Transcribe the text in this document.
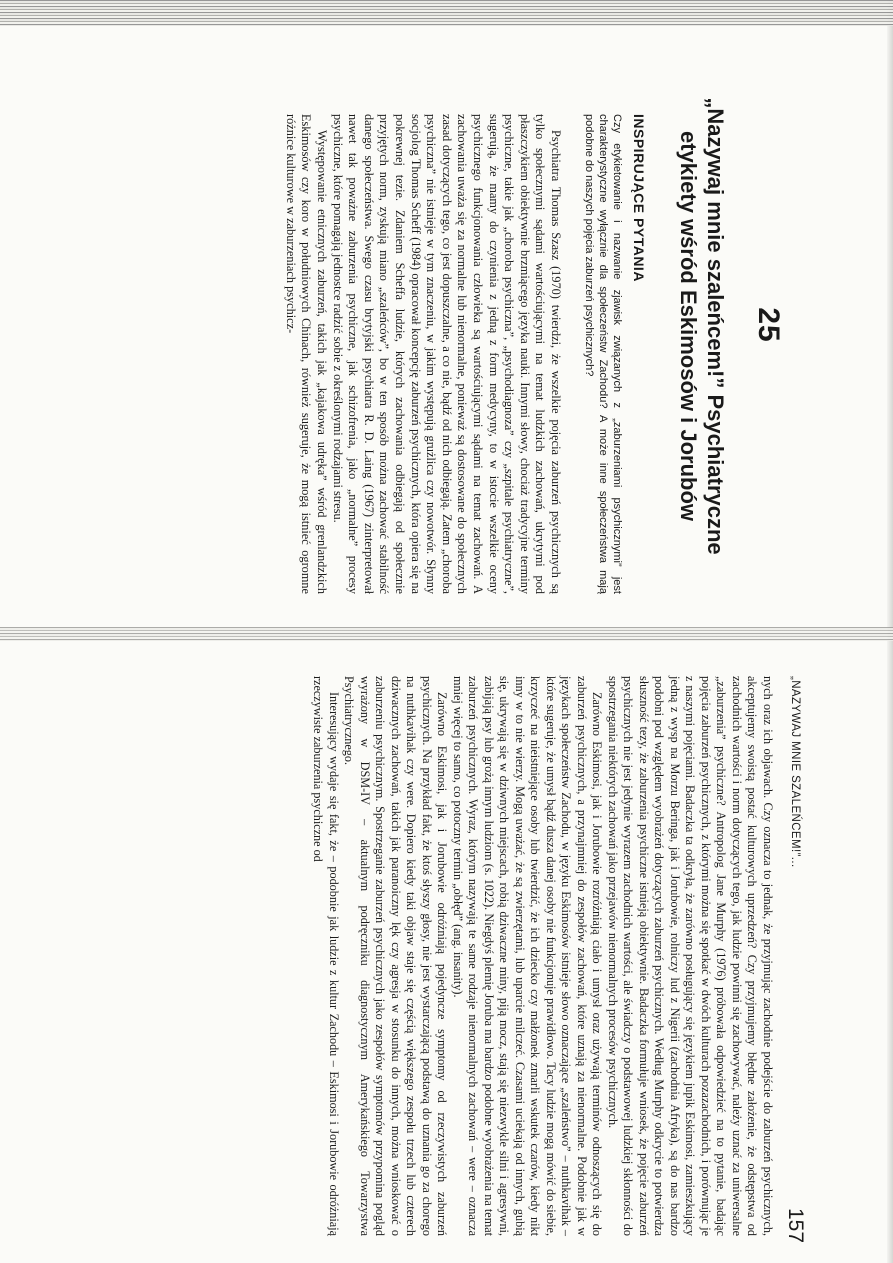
25
„Nazywaj mnie szaleńcem!” Psychiatryczne etykiety wśród Eskimosów i Jorubów
INSPIRUJĄCE PYTANIA
Czy etykietowanie i nazwanie zjawisk związanych z „zaburzeniami psychicznymi” jest charakterystyczne wyłącznie dla społeczeństw Zachodu? A może inne społeczeństwa mają podobne do naszych pojęcia zaburzeń psychicznych?

Psychiatra Thomas Szasz (1970) twierdzi, że wszelkie pojęcia zaburzeń psychicznych są tylko społecznymi sądami wartościującymi na temat ludzkich zachowań, ukrytymi pod płaszczykiem obiektywnie brzmiącego języka nauki. Innymi słowy, chociaż tradycyjne terminy psychiczne, takie jak „choroba psychiczna”, „psychodiagnoza” czy „szpitale psychiatryczne”, sugerują, że mamy do czynienia z jedną z form medycyny, to w istocie wszelkie oceny psychicznego funkcjonowania człowieka są wartościującymi sądami na temat zachowań. A zachowania uważa się za normalne lub nienormalne, ponieważ są dostosowane do społecznych zasad dotyczących tego, co jest dopuszczalne, a co nie, bądź od nich odbiegają. Zatem „choroba psychiczna” nie istnieje w tym znaczeniu, w jakim występują grużlica czy nowotwór. Słynny socjolog Thomas Scheff (1984) opracował koncepcję zaburzeń psychicznych, która opiera się na pokrewnej tezie. Zdaniem Scheffa ludzie, których zachowania odbiegają od społecznie przyjętych norm, zyskują miano „szaleńców”, bo w ten sposób można zachować stabilność danego społeczeństwa. Swego czasu brytyjski psychiatra R. D. Laing (1967) zinterpretował nawet tak poważne zaburzenia psychiczne, jak schizofrenia, jako „normalne” procesy psychiczne, które pomagają jednostce radzić sobie z określonymi rodzajami stresu.

Występowanie etnicznych zaburzeń, takich jak „kajakowa udręka” wśród grenlandzkich Eskimosów czy koro w południowych Chinach, również sugeruje, że mogą istnieć ogromne różnice kulturowe w zaburzeniach psychicz-

„NAZYWAJ MNIE SZALEŃCEM!”...
157

nych oraz ich objawach. Czy oznacza to jednak, że przyjmując zachodnie podejście do zaburzeń psychicznych, akceptujemy swoistą postać kulturowych uprzedzeń? Czy przyjmujemy błędne założenie, że odstępstwa od zachodnich wartości i norm dotyczących tego, jak ludzie powinni się zachowywać, należy uznać za uniwersalne „zaburzenia” psychiczne? Antropolog Jane Murphy (1976) próbowała odpowiedzieć na to pytanie, badając pojęcia zaburzeń psychicznych, z którymi można się spotkać w dwóch kulturach pozazachodnich, i porównując je z naszymi pojęciami. Badaczka ta odkryła, że zarówno posługujący się językiem jupik Eskimosi, zamieszkujący jedną z wysp na Morzu Beringa, jak i Jorubowie, rolniczy lud z Nigerii (zachodnia Afryka), są do nas bardzo podobni pod względem wyobrażeń dotyczących zaburzeń psychicznych. Według Murphy odkrycie to potwierdza słuszność tezy, że zaburzenia psychiczne istnieją obiektywnie. Badaczka formułuje wniosek, że pojęcie zaburzeń psychicznych nie jest jedynie wyrazem zachodnich wartości, ale świadczy o podstawowej ludzkiej skłonności do spostrzegania niektórych zachowań jako przejawów nienormalnych procesów psychicznych.

Zarówno Eskimosi, jak i Jorubowie rozróżniają ciało i umysł oraz używają terminów odnoszących się do zaburzeń psychicznych, a przynajmniej do zespołów zachowań, które uznają za nienormalne. Podobnie jak w językach społeczeństw Zachodu, w języku Eskimosów istnieje słowo oznaczające „szaleństwo” – nuthkavihak – które sugeruje, że umysł bądź dusza danej osoby nie funkcjonuje prawidłowo. Tacy ludzie mogą mówić do siebie, krzyczeć na nieistniejące osoby lub twierdzić, że ich dziecko czy małżonek zmarli wskutek czarów, kiedy nikt inny w to nie wierzy. Mogą uważać, że są zwierzętami, lub uparcie milczeć. Czasami uciekają od innych, gubią się, ukrywają się w dziwnych miejscach, robią dziwaczne miny, piją mocz, stają się niezwykle silni i agresywni, zabijają psy lub grożą innym ludziom (s. 1022). Niegdyś plemię Joruba ma bardzo podobne wyobrażenia na temat zaburzeń psychicznych. Wyraz, którym nazywają te same rodzaje nienormalnych zachowań – were – oznacza mniej więcej to samo, co potoczny termin „obłęd” (ang. insanity).

Zarówno Eskimosi, jak i Jorubowie odróżniają pojedyncze symptomy od rzeczywistych zaburzeń psychicznych. Na przykład fakt, że ktoś słyszy głosy, nie jest wystarczającą podstawą do uznania go za chorego na nuthkavihak czy were. Dopiero kiedy taki objaw staje się częścią większego zespołu trzech lub czterech dziwacznych zachowań, takich jak paranoiczny lęk czy agresja w stosunku do innych, można wnioskować o zaburzeniu psychicznym. Spostrzeganie zaburzeń psychicznych jako zespołów symptomów przypomina pogląd wyrażony w DSM-IV – aktualnym podręczniku diagnostycznym Amerykańskiego Towarzystwa Psychiatrycznego.

Interesujący wydaje się fakt, że – podobnie jak ludzie z kultur Zachodu – Eskimosi i Jorubowie odróżniają rzeczywiste zaburzenia psychiczne od
